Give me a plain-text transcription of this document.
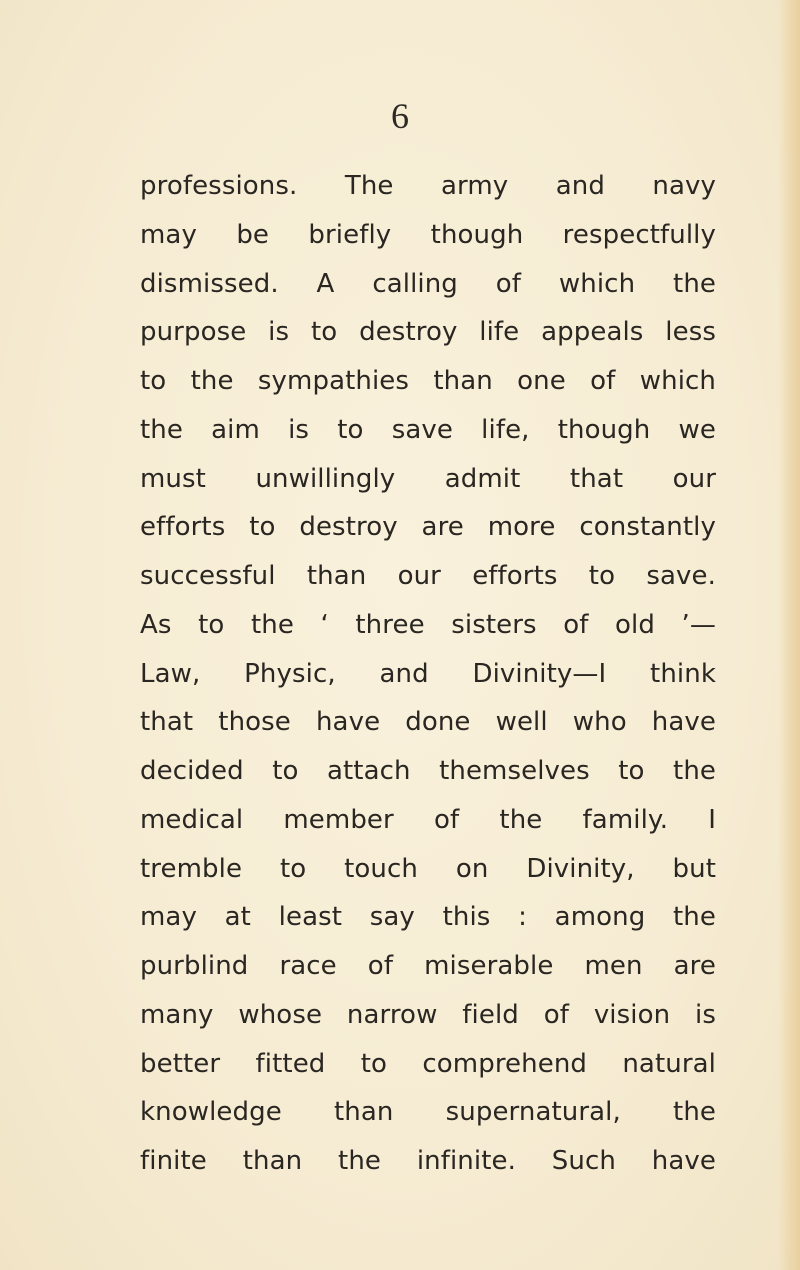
6
professions. The army and navy
may be briefly though respectfully
dismissed. A calling of which the
purpose is to destroy life appeals less
to the sympathies than one of which
the aim is to save life, though we
must unwillingly admit that our
efforts to destroy are more constantly
successful than our efforts to save.
As to the ‘ three sisters of old ’—
Law, Physic, and Divinity—I think
that those have done well who have
decided to attach themselves to the
medical member of the family. I
tremble to touch on Divinity, but
may at least say this : among the
purblind race of miserable men are
many whose narrow field of vision is
better fitted to comprehend natural
knowledge than supernatural, the
finite than the infinite. Such have
